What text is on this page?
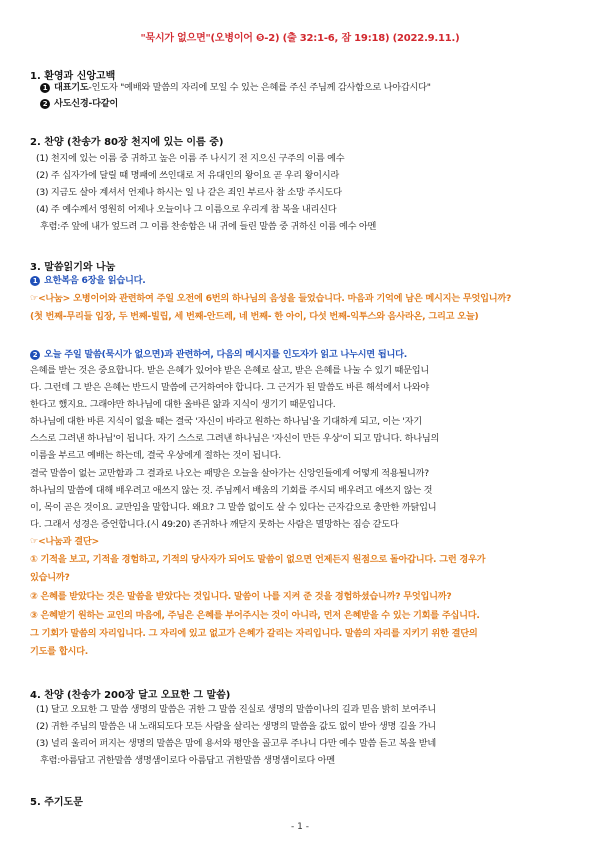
"묵시가 없으면"(오병이어 ❺-2) (출 32:1-6, 잠 19:18) (2022.9.11.)
1. 환영과 신앙고백
1 대표기도-인도자 "예배와 말씀의 자리에 모일 수 있는 은혜를 주신 주님께 감사함으로 나아갑시다"
2 사도신경-다같이
2. 찬양 (찬송가 80장 천지에 있는 이름 중)
(1) 천지에 있는 이름 중 귀하고 높은 이름 주 나시기 전 지으신 구주의 이름 예수
(2) 주 십자가에 달릴 때 명패에 쓰인대로 저 유대인의 왕이요 곧 우리 왕이시라
(3) 지금도 살아 계셔서 언제나 하시는 일 나 같은 죄인 부르사 참 소망 주시도다
(4) 주 예수께서 영원히 어제나 오늘이나 그 이름으로 우리게 참 복을 내리신다
후렴:주 앞에 내가 엎드려 그 이름 찬송함은 내 귀에 들린 말씀 중 귀하신 이름 예수 아멘
3. 말씀읽기와 나눔
1 요한복음 6장을 읽습니다.
☞<나눔> 오병이어와 관련하여 주일 오전에 6번의 하나님의 음성을 들었습니다. 마음과 기억에 남은 메시지는 무엇입니까?
(첫 번째-무리들 입장, 두 번째-빌립, 세 번째-안드레, 네 번째- 한 아이, 다섯 번째-익투스와 음사라온, 그리고 오늘)
2 오늘 주일 말씀(묵시가 없으면)과 관련하여, 다음의 메시지를 인도자가 읽고 나누시면 됩니다.
은혜를 받는 것은 중요합니다. 받은 은혜가 있어야 받은 은혜로 살고, 받은 은혜를 나눌 수 있기 때문입니
다. 그런데 그 받은 은혜는 반드시 말씀에 근거하여야 합니다. 그 근거가 된 말씀도 바른 해석에서 나와야
한다고 했지요. 그래야만 하나님에 대한 올바른 앎과 지식이 생기기 때문입니다.
하나님에 대한 바른 지식이 없을 때는 결국 '자신이 바라고 원하는 하나님'을 기대하게 되고, 이는 '자기
스스로 그려낸 하나님'이 됩니다. 자기 스스로 그려낸 하나님은 '자신이 만든 우상'이 되고 맙니다. 하나님의
이름을 부르고 예배는 하는데, 결국 우상에게 절하는 것이 됩니다.
결국 말씀이 없는 교만함과 그 결과로 나오는 패망은 오늘을 살아가는 신앙인들에게 어떻게 적용될니까?
하나님의 말씀에 대해 배우려고 애쓰지 않는 것. 주님께서 배움의 기회를 주시되 배우려고 애쓰지 않는 것
이, 목이 곧은 것이요. 교만임을 말합니다. 왜요? 그 말씀 없이도 살 수 있다는 근자감으로 충만한 까닭입니
다. 그래서 성경은 증언합니다.(시 49:20) 존귀하나 깨닫지 못하는 사람은 멸망하는 짐승 같도다
☞<나눔과 결단>
① 기적을 보고, 기적을 경험하고, 기적의 당사자가 되어도 말씀이 없으면 언제든지 원점으로 돌아갑니다. 그런 경우가
있습니까?
② 은혜를 받았다는 것은 말씀을 받았다는 것입니다. 말씀이 나를 지켜 준 것을 경험하셨습니까? 무엇입니까?
③ 은혜받기 원하는 교인의 마음에, 주님은 은혜를 부어주시는 것이 아니라, 먼저 은혜받을 수 있는 기회를 주십니다.
그 기회가 말씀의 자리입니다. 그 자리에 있고 없고가 은혜가 갈리는 자리입니다. 말씀의 자리를 지키기 위한 결단의
기도를 합시다.
4. 찬양 (찬송가 200장 달고 오묘한 그 말씀)
(1) 달고 오묘한 그 말씀 생명의 말씀은 귀한 그 말씀 진실로 생명의 말씀이나의 길과 믿음 밝히 보여주니
(2) 귀한 주님의 말씀은 내 노래되도다 모든 사람을 살리는 생명의 말씀을 값도 없이 받아 생명 길을 가니
(3) 널리 울리어 퍼지는 생명의 말씀은 맘에 용서와 평안을 골고루 주나니 다만 예수 말씀 듣고 복을 받네
후렴:아름답고 귀한말씀 생명샘이로다 아름답고 귀한말씀 생명샘이로다 아멘
5. 주기도문
- 1 -
